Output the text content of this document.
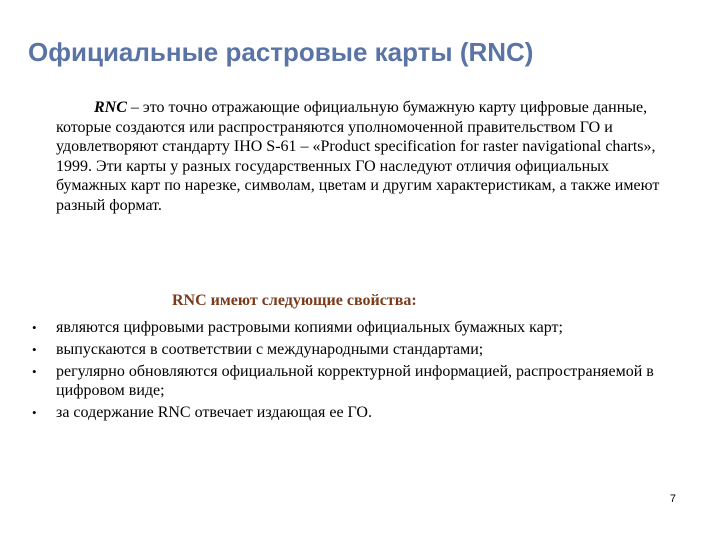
Официальные растровые карты (RNC)

RNC – это точно отражающие официальную бумажную карту цифровые данные, которые создаются или распространяются уполномоченной правительством ГО и удовлетворяют стандарту IHO S-61 – «Product specification for raster navigational charts», 1999. Эти карты у разных государственных ГО наследуют отличия официальных бумажных карт по нарезке, символам, цветам и другим характеристикам, а также имеют разный формат.

RNC имеют следующие свойства:

• являются цифровыми растровыми копиями официальных бумажных карт;
• выпускаются в соответствии с международными стандартами;
• регулярно обновляются официальной корректурной информацией, распространяемой в цифровом виде;
• за содержание RNC отвечает издающая ее ГО.
7
